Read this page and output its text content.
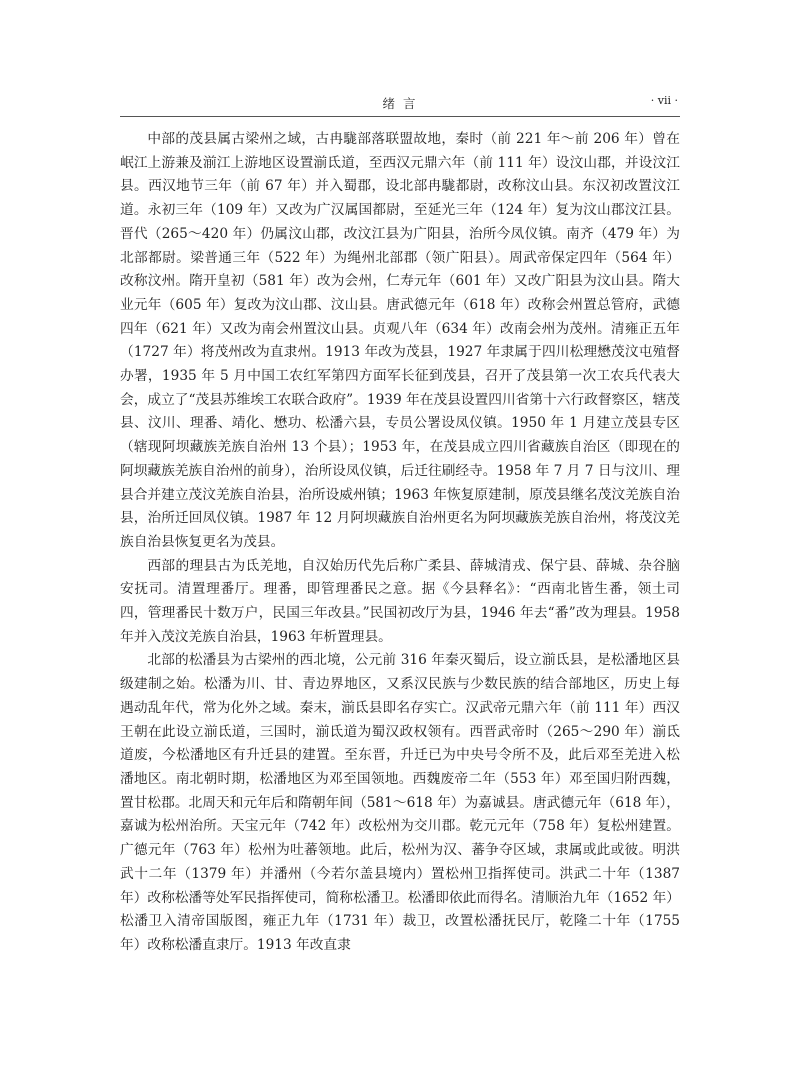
绪 言	· vii ·

中部的茂县属古梁州之域，古冉駹部落联盟故地，秦时（前 221 年～前 206 年）曾在岷江上游兼及湔江上游地区设置湔氐道，至西汉元鼎六年（前 111 年）设汶山郡，并设汶江县。西汉地节三年（前 67 年）并入蜀郡，设北部冉駹都尉，改称汶山县。东汉初改置汶江道。永初三年（109 年）又改为广汉属国都尉，至延光三年（124 年）复为汶山郡汶江县。晋代（265～420 年）仍属汶山郡，改汶江县为广阳县，治所今凤仪镇。南齐（479 年）为北部都尉。梁普通三年（522 年）为绳州北部郡（领广阳县）。周武帝保定四年（564 年）改称汶州。隋开皇初（581 年）改为会州，仁寿元年（601 年）又改广阳县为汶山县。隋大业元年（605 年）复改为汶山郡、汶山县。唐武德元年（618 年）改称会州置总管府，武德四年（621 年）又改为南会州置汶山县。贞观八年（634 年）改南会州为茂州。清雍正五年（1727 年）将茂州改为直隶州。1913 年改为茂县，1927 年隶属于四川松理懋茂汶屯殖督办署，1935 年 5 月中国工农红军第四方面军长征到茂县，召开了茂县第一次工农兵代表大会，成立了“茂县苏维埃工农联合政府”。1939 年在茂县设置四川省第十六行政督察区，辖茂县、汶川、理番、靖化、懋功、松潘六县，专员公署设凤仪镇。1950 年 1 月建立茂县专区（辖现阿坝藏族羌族自治州 13 个县）；1953 年，在茂县成立四川省藏族自治区（即现在的阿坝藏族羌族自治州的前身），治所设凤仪镇，后迁往刷经寺。1958 年 7 月 7 日与汶川、理县合并建立茂汶羌族自治县，治所设威州镇；1963 年恢复原建制，原茂县继名茂汶羌族自治县，治所迁回凤仪镇。1987 年 12 月阿坝藏族自治州更名为阿坝藏族羌族自治州，将茂汶羌族自治县恢复更名为茂县。

西部的理县古为氐羌地，自汉始历代先后称广柔县、薛城清戎、保宁县、薛城、杂谷脑安抚司。清置理番厅。理番，即管理番民之意。据《今县释名》：“西南北皆生番，领土司四，管理番民十数万户，民国三年改县。”民国初改厅为县，1946 年去“番”改为理县。1958 年并入茂汶羌族自治县，1963 年析置理县。

北部的松潘县为古梁州的西北境，公元前 316 年秦灭蜀后，设立湔氐县，是松潘地区县级建制之始。松潘为川、甘、青边界地区，又系汉民族与少数民族的结合部地区，历史上每遇动乱年代，常为化外之域。秦末，湔氐县即名存实亡。汉武帝元鼎六年（前 111 年）西汉王朝在此设立湔氐道，三国时，湔氐道为蜀汉政权领有。西晋武帝时（265～290 年）湔氐道废，今松潘地区有升迁县的建置。至东晋，升迁已为中央号令所不及，此后邓至羌进入松潘地区。南北朝时期，松潘地区为邓至国领地。西魏废帝二年（553 年）邓至国归附西魏，置甘松郡。北周天和元年后和隋朝年间（581～618 年）为嘉诚县。唐武德元年（618 年），嘉诚为松州治所。天宝元年（742 年）改松州为交川郡。乾元元年（758 年）复松州建置。广德元年（763 年）松州为吐蕃领地。此后，松州为汉、蕃争夺区域，隶属或此或彼。明洪武十二年（1379 年）并潘州（今若尔盖县境内）置松州卫指挥使司。洪武二十年（1387 年）改称松潘等处军民指挥使司，简称松潘卫。松潘即依此而得名。清顺治九年（1652 年）松潘卫入清帝国版图，雍正九年（1731 年）裁卫，改置松潘抚民厅，乾隆二十年（1755 年）改称松潘直隶厅。1913 年改直隶
